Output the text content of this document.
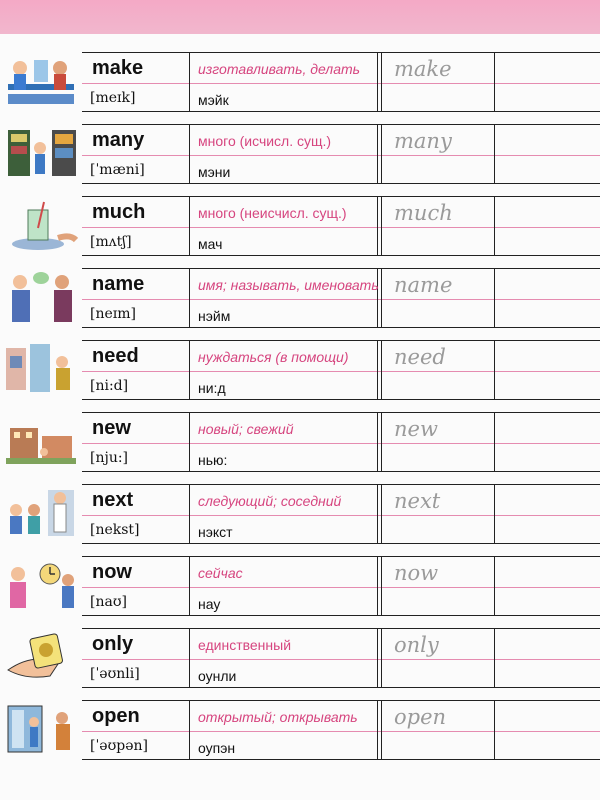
make
[meɪk]
изготавливать, делать
мэйк
make
many
[ˈmæni]
много (исчисл. сущ.)
мэни
many
much
[mʌtʃ]
много (неисчисл. сущ.)
мач
much
name
[neɪm]
имя; называть, именовать
нэйм
name
need
[ni:d]
нуждаться (в помощи)
ни:д
need
new
[nju:]
новый; свежий
нью:
new
next
[nekst]
следующий; соседний
нэкст
next
now
[naʊ]
сейчас
нау
now
only
[ˈəʊnli]
единственный
оунли
only
open
[ˈəʊpən]
открытый; открывать
оупэн
open
